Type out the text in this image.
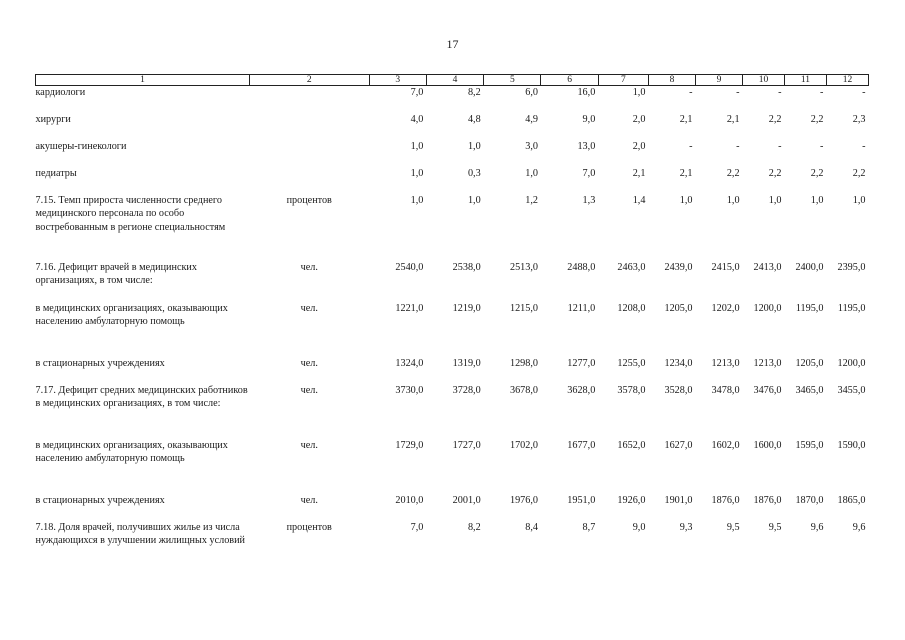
17
1	2	3	4	5	6	7	8	9	10	11	12
кардиологи		7,0	8,2	6,0	16,0	1,0	-	-	-	-	-
хирурги		4,0	4,8	4,9	9,0	2,0	2,1	2,1	2,2	2,2	2,3
акушеры-гинекологи		1,0	1,0	3,0	13,0	2,0	-	-	-	-	-
педиатры		1,0	0,3	1,0	7,0	2,1	2,1	2,2	2,2	2,2	2,2
7.15. Темп прироста численности среднего медицинского персонала по особо востребованным в регионе специальностям	процентов	1,0	1,0	1,2	1,3	1,4	1,0	1,0	1,0	1,0	1,0
7.16. Дефицит врачей в медицинских организациях, в том числе:	чел.	2540,0	2538,0	2513,0	2488,0	2463,0	2439,0	2415,0	2413,0	2400,0	2395,0
в медицинских организациях, оказывающих населению амбулаторную помощь	чел.	1221,0	1219,0	1215,0	1211,0	1208,0	1205,0	1202,0	1200,0	1195,0	1195,0
в стационарных учреждениях	чел.	1324,0	1319,0	1298,0	1277,0	1255,0	1234,0	1213,0	1213,0	1205,0	1200,0
7.17. Дефицит средних медицинских работников в медицинских организациях, в том числе:	чел.	3730,0	3728,0	3678,0	3628,0	3578,0	3528,0	3478,0	3476,0	3465,0	3455,0
в медицинских организациях, оказывающих населению амбулаторную помощь	чел.	1729,0	1727,0	1702,0	1677,0	1652,0	1627,0	1602,0	1600,0	1595,0	1590,0
в стационарных учреждениях	чел.	2010,0	2001,0	1976,0	1951,0	1926,0	1901,0	1876,0	1876,0	1870,0	1865,0
7.18. Доля врачей, получивших жилье из числа нуждающихся в улучшении жилищных условий	процентов	7,0	8,2	8,4	8,7	9,0	9,3	9,5	9,5	9,6	9,6
